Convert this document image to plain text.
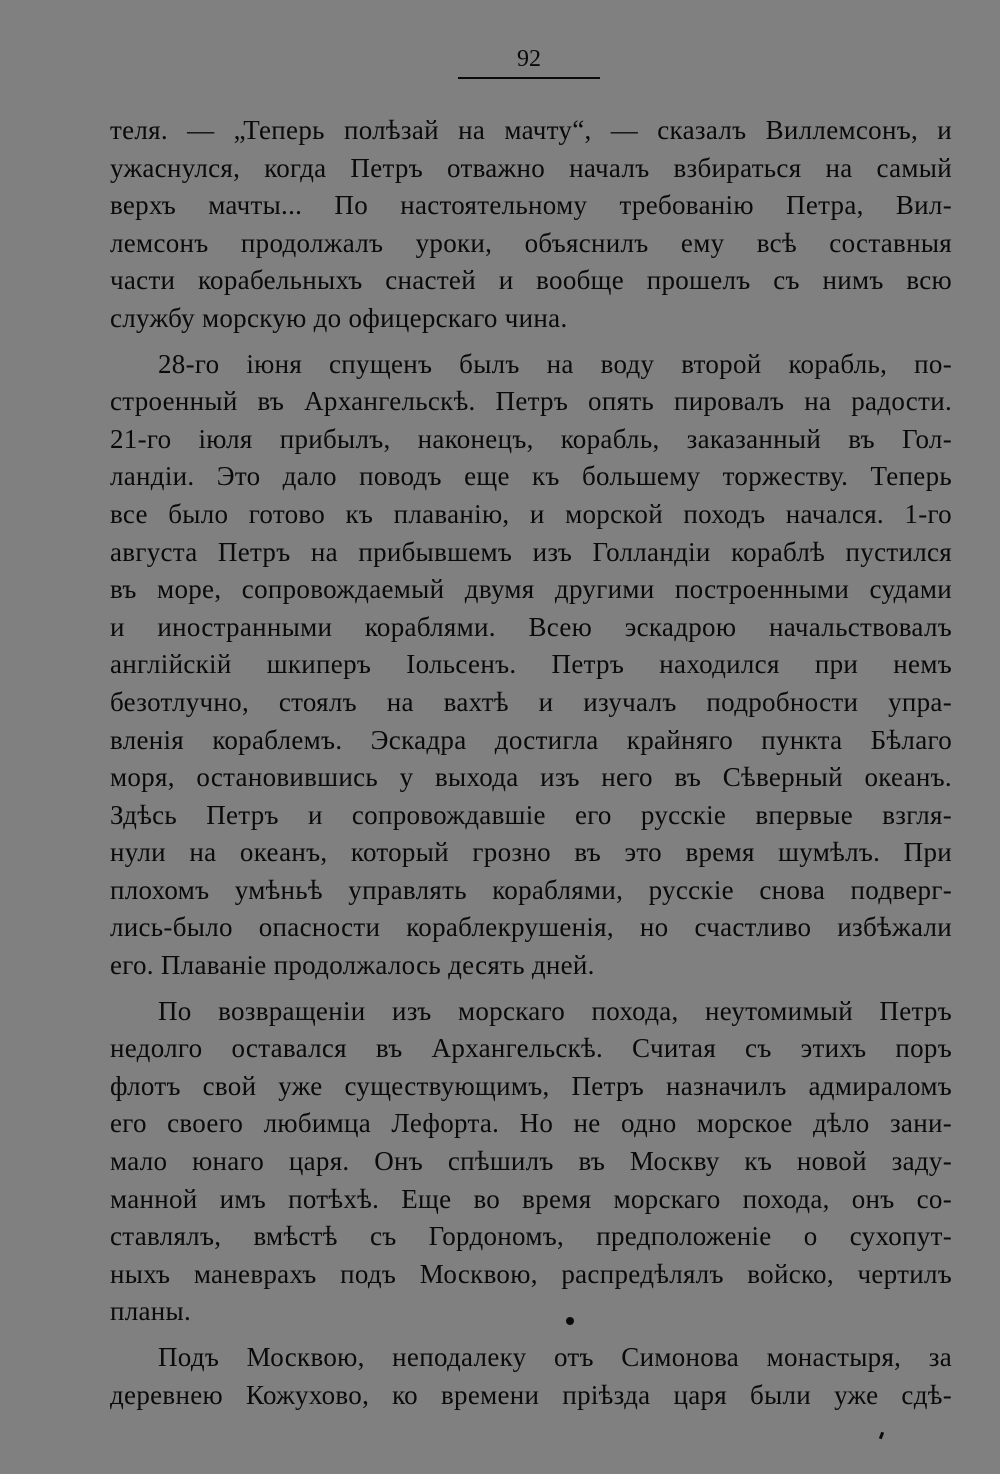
92
теля. — „Теперь полѣзай на мачту“, — сказалъ Виллемсонъ, и
ужаснулся, когда Петръ отважно началъ взбираться на самый
верхъ мачты... По настоятельному требованію Петра, Вил-
лемсонъ продолжалъ уроки, объяснилъ ему всѣ составныя
части корабельныхъ снастей и вообще прошелъ съ нимъ всю
службу морскую до офицерскаго чина.
28-го іюня спущенъ былъ на воду второй корабль, по-
строенный въ Архангельскѣ. Петръ опять пировалъ на радости.
21-го іюля прибылъ, наконецъ, корабль, заказанный въ Гол-
ландіи. Это дало поводъ еще къ большему торжеству. Теперь
все было готово къ плаванію, и морской походъ начался. 1-го
августа Петръ на прибывшемъ изъ Голландіи кораблѣ пустился
въ море, сопровождаемый двумя другими построенными судами
и иностранными кораблями. Всею эскадрою начальствовалъ
англійскій шкиперъ Іольсенъ. Петръ находился при немъ
безотлучно, стоялъ на вахтѣ и изучалъ подробности упра-
вленія кораблемъ. Эскадра достигла крайняго пункта Бѣлаго
моря, остановившись у выхода изъ него въ Сѣверный океанъ.
Здѣсь Петръ и сопровождавшіе его русскіе впервые взгля-
нули на океанъ, который грозно въ это время шумѣлъ. При
плохомъ умѣньѣ управлять кораблями, русскіе снова подверг-
лись-было опасности кораблекрушенія, но счастливо избѣжали
его. Плаваніе продолжалось десять дней.
По возвращеніи изъ морскаго похода, неутомимый Петръ
недолго оставался въ Архангельскѣ. Считая съ этихъ поръ
флотъ свой уже существующимъ, Петръ назначилъ адмираломъ
его своего любимца Лефорта. Но не одно морское дѣло зани-
мало юнаго царя. Онъ спѣшилъ въ Москву къ новой заду-
манной имъ потѣхѣ. Еще во время морскаго похода, онъ со-
ставлялъ, вмѣстѣ съ Гордономъ, предположеніе о сухопут-
ныхъ маневрахъ подъ Москвою, распредѣлялъ войско, чертилъ
планы.
Подъ Москвою, неподалеку отъ Симонова монастыря, за
деревнею Кожухово, ко времени пріѣзда царя были уже сдѣ-
